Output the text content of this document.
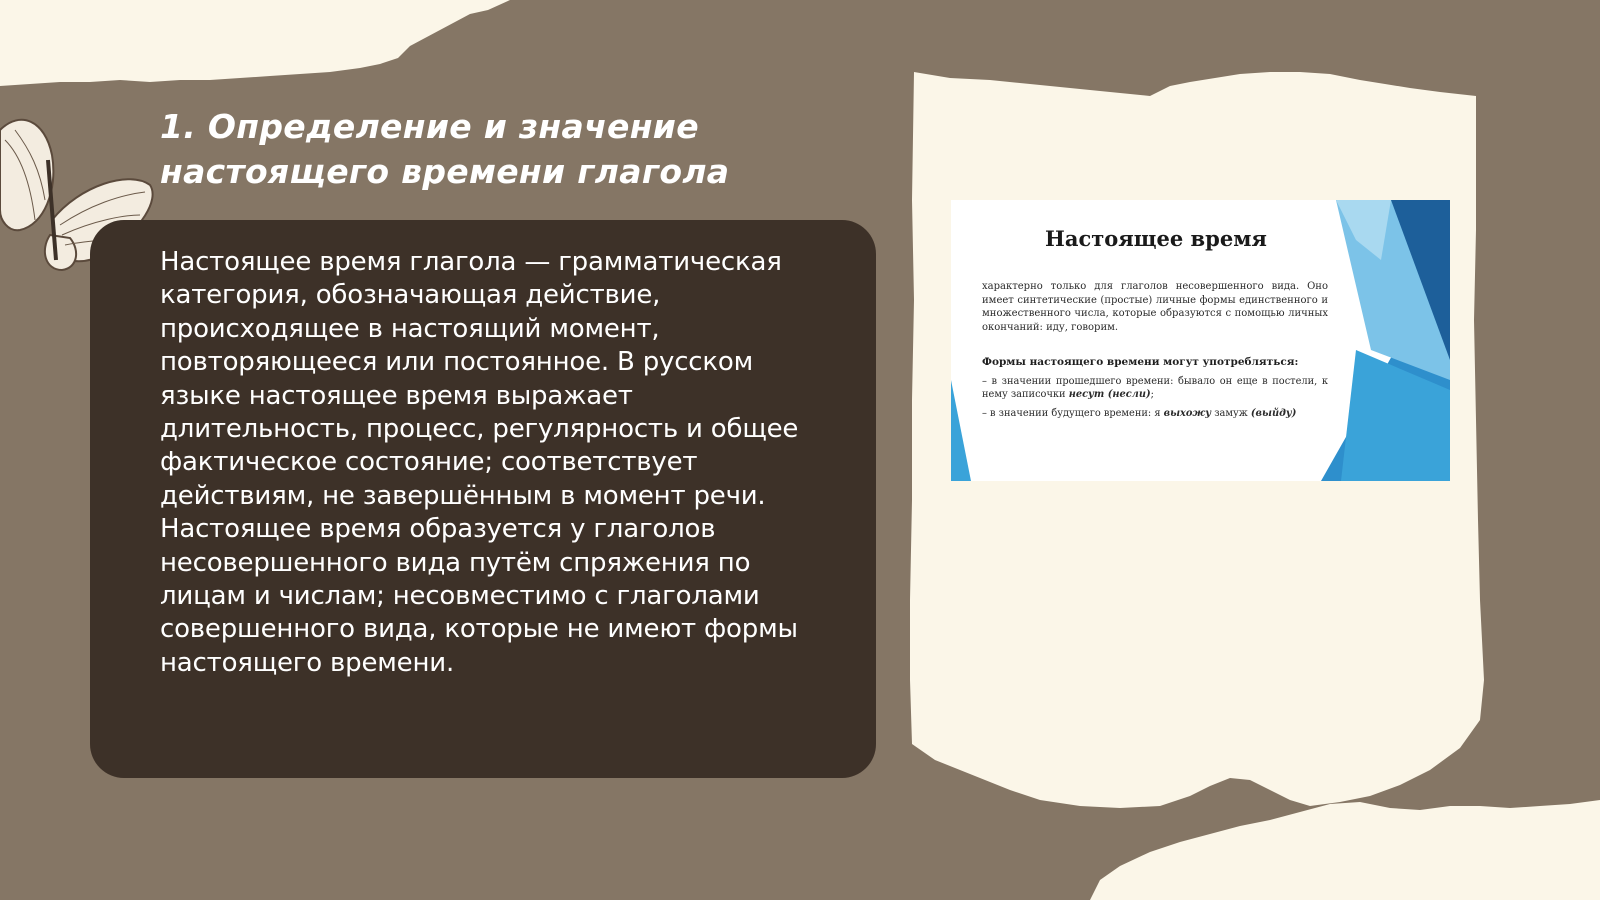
1. Определение и значение
настоящего времени глагола

Настоящее время глагола — грамматическая категория, обозначающая действие, происходящее в настоящий момент, повторяющееся или постоянное. В русском языке настоящее время выражает длительность, процесс, регулярность и общее фактическое состояние; соответствует действиям, не завершённым в момент речи. Настоящее время образуется у глаголов несовершенного вида путём спряжения по лицам и числам; несовместимо с глаголами совершенного вида, которые не имеют формы настоящего времени.

Настоящее время
характерно только для глаголов несовершенного вида. Оно имеет синтетические (простые) личные формы единственного и множественного числа, которые образуются с помощью личных окончаний: иду, говорим.
Формы настоящего времени могут употребляться:
– в значении прошедшего времени: бывало он еще в постели, к нему записочки несут (несли);
– в значении будущего времени: я выхожу замуж (выйду)
